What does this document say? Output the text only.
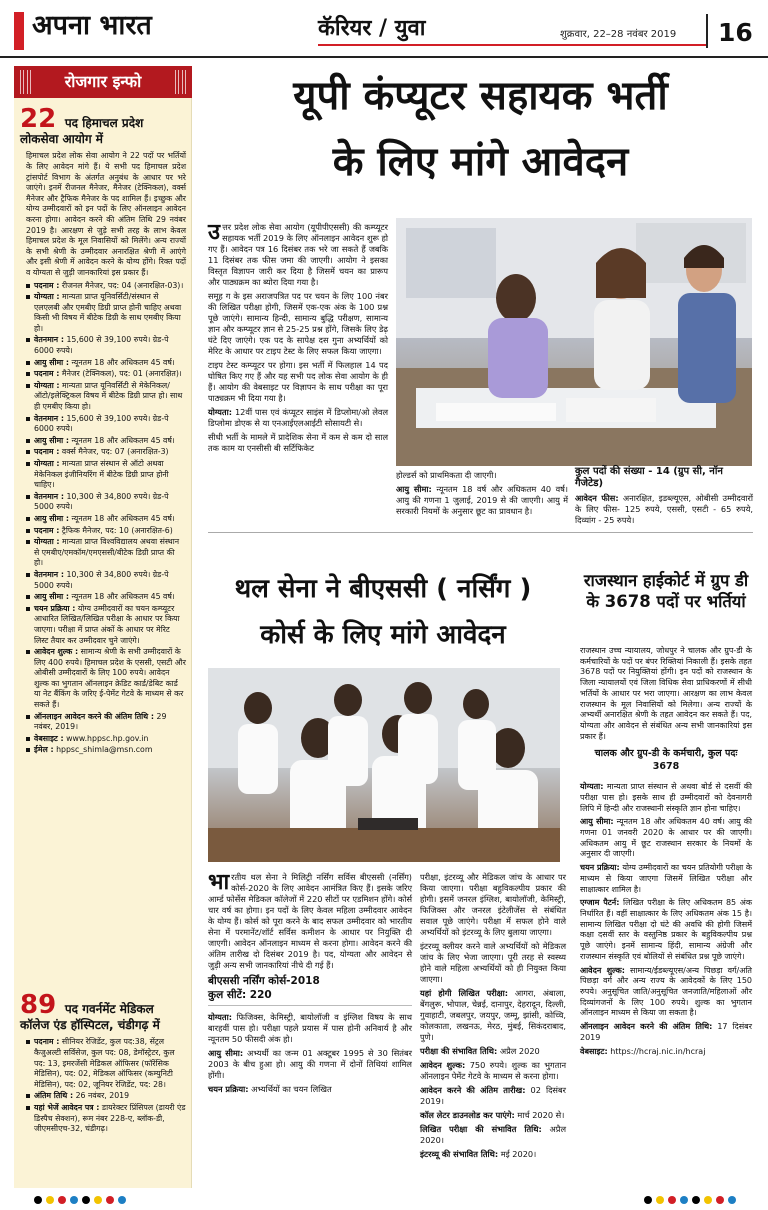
अपना भारत	कॅरियर / युवा	शुक्रवार, 22–28 नवंबर 2019 16
रोजगार इन्फो
22 पद हिमाचल प्रदेश
लोकसेवा आयोग में

हिमाचल प्रदेश लोक सेवा आयोग ने 22 पदों पर भर्तियों के लिए आवेदन मांगे हैं। ये सभी पद हिमाचल प्रदेश ट्रांसपोर्ट विभाग के अंतर्गत अनुबंध के आधार पर भरे जाएंगे। इनमें रीजनल मैनेजर, मैनेजर (टेक्निकल), वर्क्स मैनेजर और ट्रैफिक मैनेजर के पद शामिल हैं। इच्छुक और योग्य उम्मीदवारों को इन पदों के लिए ऑनलाइन आवेदन करना होगा। आवेदन करने की अंतिम तिथि 29 नवंबर 2019 है। आरक्षण से जुड़े सभी तरह के लाभ केवल हिमाचल प्रदेश के मूल निवासियों को मिलेंगे। अन्य राज्यों के सभी श्रेणी के उम्मीदवार अनारक्षित श्रेणी में आएंगे और इसी श्रेणी में आवेदन करने के योग्य होंगे। रिक्त पदों व योग्यता से जुड़ी जानकारियां इस प्रकार हैं।

पदनाम : रीजनल मैनेजर, पद: 04 (अनारक्षित-03)।
योग्यता : मान्यता प्राप्त यूनिवर्सिटी/संस्थान से एलएलबी और एमबीए डिग्री प्राप्त होनी चाहिए अथवा किसी भी विषय में बीटेक डिग्री के साथ एमबीए किया हो।
वेतनमान : 15,600 से 39,100 रुपये। ग्रेड-पे 6000 रुपये।
आयु सीमा : न्यूनतम 18 और अधिकतम 45 वर्ष।
पदनाम : मैनेजर (टेक्निकल), पद: 01 (अनारक्षित)।
योग्यता : मान्यता प्राप्त यूनिवर्सिटी से मेकेनिकल/ऑटो/इलेक्ट्रिकल विषय में बीटेक डिग्री प्राप्त हो। साथ ही एमबीए किया हो।
वेतनमान : 15,600 से 39,100 रुपये। ग्रेड-पे 6000 रुपये।
आयु सीमा : न्यूनतम 18 और अधिकतम 45 वर्ष।
पदनाम : वर्क्स मैनेजर, पद: 07 (अनारक्षित-3)
योग्यता : मान्यता प्राप्त संस्थान से ऑटो अथवा मेकेनिकल इंजीनियरिंग में बीटेक डिग्री प्राप्त होनी चाहिए।
वेतनमान : 10,300 से 34,800 रुपये। ग्रेड-पे 5000 रुपये।
आयु सीमा : न्यूनतम 18 और अधिकतम 45 वर्ष।
पदनाम : ट्रैफिक मैनेजर, पद: 10 (अनारक्षित-6)
योग्यता : मान्यता प्राप्त विश्वविद्यालय अथवा संस्थान से एमबीए/एमकॉम/एमएससी/बीटेक डिग्री प्राप्त की हो।
वेतनमान : 10,300 से 34,800 रुपये। ग्रेड-पे 5000 रुपये।
आयु सीमा : न्यूनतम 18 और अधिकतम 45 वर्ष।
चयन प्रक्रिया : योग्य उम्मीदवारों का चयन कम्प्यूटर आधारित लिखित/लिखित परीक्षा के आधार पर किया जाएगा। परीक्षा में प्राप्त अंकों के आधार पर मेरिट लिस्ट तैयार कर उम्मीदवार चुने जाएंगे।
आवेदन शुल्क : सामान्य श्रेणी के सभी उम्मीदवारों के लिए 400 रुपये। हिमाचल प्रदेश के एससी, एसटी और ओबीसी उम्मीदवारों के लिए 100 रुपये। आवेदन शुल्क का भुगतान ऑनलाइन क्रेडिट कार्ड/डेबिट कार्ड या नेट बैंकिंग के जरिए ई-पेमेंट गेटवे के माध्यम से कर सकते हैं।
ऑनलाइन आवेदन करने की अंतिम तिथि : 29 नवंबर, 2019।
वेबसाइट : www.hppsc.hp.gov.in
ईमेल : hppsc_shimla@msn.com
89 पद गवर्नमेंट मेडिकल
कॉलेज एंड हॉस्पिटल, चंडीगढ़ में
पदनाम : सीनियर रेजिडेंट, कुल पद:38, सेंट्रल कैजुअल्टी सर्विसेज, कुल पद: 08, डेमॉस्ट्रेटर, कुल पद: 13, इमरजेंसी मेडिकल ऑफिसर (फॉरेंसिक मेडिसिन), पद: 02, मेडिकल ऑफिसर (कम्युनिटी मेडिसिन), पद: 02, जूनियर रेजिडेंट, पद: 28।
अंतिम तिथि : 26 नवंबर, 2019
यहां भेजें आवेदन पत्र : डायरेक्टर प्रिंसिपल (डायरी एंड डिस्पैच सेक्शन), रूम नंबर 228-ए, ब्लॉक-डी, जीएमसीएच-32, चंडीगढ़।
यूपी कंप्यूटर सहायक भर्ती
के लिए मांगे आवेदन

उत्तर प्रदेश लोक सेवा आयोग (यूपीपीएससी) की कम्प्यूटर सहायक भर्ती 2019 के लिए ऑनलाइन आवेदन शुरू हो गए हैं। आवेदन पत्र 16 दिसंबर तक भरे जा सकते हैं जबकि 11 दिसंबर तक फीस जमा की जाएगी। आयोग ने इसका विस्तृत विज्ञापन जारी कर दिया है जिसमें चयन का प्रारूप और पाठ्यक्रम का ब्योरा दिया गया है।

समूह ग के इस अराजपत्रित पद पर चयन के लिए 100 नंबर की लिखित परीक्षा होगी, जिसमें एक-एक अंक के 100 प्रश्न पूछे जाएंगे। सामान्य हिन्दी, सामान्य बुद्धि परीक्षण, सामान्य ज्ञान और कम्प्यूटर ज्ञान से 25-25 प्रश्न होंगे, जिसके लिए डेढ़ घंटे दिए जाएंगे। एक पद के सापेक्ष दस गुना अभ्यर्थियों को मेरिट के आधार पर टाइप टेस्ट के लिए सफल किया जाएगा।

टाइप टेस्ट कम्प्यूटर पर होगा। इस भर्ती में फिलहाल 14 पद घोषित किए गए हैं और यह सभी पद लोक सेवा आयोग के ही हैं। आयोग की वेबसाइट पर विज्ञापन के साथ परीक्षा का पूरा पाठ्यक्रम भी दिया गया है।

योग्यता: 12वीं पास एवं कंप्यूटर साइंस में डिप्लोमा/ओ लेवल डिप्लोमा डोएक से या एनआईएलआईटी सोसायटी से।

सीधी भर्ती के मामले में प्रादेशिक सेना में कम से कम दो साल तक काम या एनसीसी बी सर्टिफिकेट

होल्डर्स को प्राथमिकता दी जाएगी।

आयु सीमा: न्यूनतम 18 वर्ष और अधिकतम 40 वर्ष। आयु की गणना 1 जुलाई, 2019 से की जाएगी। आयु में सरकारी नियमों के अनुसार छूट का प्रावधान है।

कुल पदों की संख्या - 14 (ग्रुप सी, नॉन गैजेटेड)

आवेदन फीस: अनारक्षित, इडब्ल्यूएस, ओबीसी उम्मीदवारों के लिए फीस- 125 रुपये, एससी, एसटी - 65 रुपये, दिव्यांग - 25 रुपये।

थल सेना ने बीएससी ( नर्सिंग )
कोर्स के लिए मांगे आवेदन

भारतीय थल सेना ने मिलिट्री नर्सिंग सर्विस बीएससी (नर्सिंग) कोर्स-2020 के लिए आवेदन आमंत्रित किए हैं। इसके जरिए आर्म्ड फोर्सेस मेडिकल कॉलेजों में 220 सीटों पर एडमिशन होंगे। कोर्स चार वर्ष का होगा। इन पदों के लिए केवल महिला उम्मीदवार आवेदन के योग्य हैं। कोर्स को पूरा करने के बाद सफल उम्मीदवार को भारतीय सेना में परमानेंट/शॉर्ट सर्विस कमीशन के आधार पर नियुक्ति दी जाएगी। आवेदन ऑनलाइन माध्यम से करना होगा। आवेदन करने की अंतिम तारीख दो दिसंबर 2019 है। पद, योग्यता और आवेदन से जुड़ी अन्य सभी जानकारियां नीचे दी गई हैं।

बीएससी नर्सिंग कोर्स-2018
कुल सीटें: 220

योग्यता: फिजिक्स, केमिस्ट्री, बायोलॉजी व इंग्लिश विषय के साथ बारहवीं पास हो। परीक्षा पहले प्रयास में पास होनी अनिवार्य है और न्यूनतम 50 फीसदी अंक हो।

आयु सीमा: अभ्यर्थी का जन्म 01 अक्टूबर 1995 से 30 सितंबर 2003 के बीच हुआ हो। आयु की गणना में दोनों तिथियां शामिल होंगी।

चयन प्रक्रिया: अभ्यर्थियों का चयन लिखित

परीक्षा, इंटरव्यू और मेडिकल जांच के आधार पर किया जाएगा। परीक्षा बहुविकल्पीय प्रकार की होगी। इसमें जनरल इंग्लिश, बायोलॉजी, केमिस्ट्री, फिजिक्स और जनरल इंटेलीजेंस से संबंधित सवाल पूछे जाएंगे। परीक्षा में सफल होने वाले अभ्यर्थियों को इंटरव्यू के लिए बुलाया जाएगा।

इंटरव्यू क्लीयर करने वाले अभ्यर्थियों को मेडिकल जांच के लिए भेजा जाएगा। पूरी तरह से स्वस्थ्य होने वाले महिला अभ्यर्थियों को ही नियुक्त किया जाएगा।

यहां होगी लिखित परीक्षा: आगरा, अंबाला, बेंगलुरू, भोपाल, चेन्नई, दानापुर, देहरादून, दिल्ली, गुवाहाटी, जबलपुर, जयपुर, जम्मू, झांसी, कोच्चि, कोलकाता, लखनऊ, मेरठ, मुंबई, सिकंदराबाद, पुणे।

परीक्षा की संभावित तिथि: अप्रैल 2020

आवेदन शुल्क: 750 रुपये। शुल्क का भुगतान ऑनलाइन पेमेंट गेटवे के माध्यम से करना होगा।

आवेदन करने की अंतिम तारीख: 02 दिसंबर 2019।

कॉल लेटर डाउनलोड कर पाएंगे: मार्च 2020 से।

लिखित परीक्षा की संभावित तिथि: अप्रैल 2020।

इंटरव्यू की संभावित तिथि: मई 2020।

राजस्थान हाईकोर्ट में ग्रुप डी के 3678 पदों पर भर्तियां

राजस्थान उच्च न्यायालय, जोधपुर ने चालक और ग्रुप-डी के कर्मचारियों के पदों पर बंपर रिक्तियां निकाली हैं। इसके तहत 3678 पदों पर नियुक्तियां होंगी। इन पदों को राजस्थान के जिला न्यायालयों एवं जिला विधिक सेवा प्राधिकरणों में सीधी भर्तियों के आधार पर भरा जाएगा। आरक्षण का लाभ केवल राजस्थान के मूल निवासियों को मिलेगा। अन्य राज्यों के अभ्यर्थी अनारक्षित श्रेणी के तहत आवेदन कर सकते हैं। पद, योग्यता और आवेदन से संबंधित अन्य सभी जानकारियां इस प्रकार हैं।

चालक और ग्रुप-डी के कर्मचारी, कुल पदः 3678

योग्यता: मान्यता प्राप्त संस्थान से अथवा बोर्ड से दसवीं की परीक्षा पास हो। इसके साथ ही उम्मीदवारों को देवनागरी लिपि में हिन्दी और राजस्थानी संस्कृति ज्ञान होना चाहिए।

आयु सीमा: न्यूनतम 18 और अधिकतम 40 वर्ष। आयु की गणना 01 जनवरी 2020 के आधार पर की जाएगी। अधिकतम आयु में छूट राजस्थान सरकार के नियमों के अनुसार दी जाएगी।

चयन प्रक्रिया: योग्य उम्मीदवारों का चयन प्रतियोगी परीक्षा के माध्यम से किया जाएगा जिसमें लिखित परीक्षा और साक्षात्कार शामिल है।

एग्जाम पैटर्न: लिखित परीक्षा के लिए अधिकतम 85 अंक निर्धारित हैं। वहीं साक्षात्कार के लिए अधिकतम अंक 15 है। सामान्य लिखित परीक्षा दो घंटे की अवधि की होगी जिसमें कक्षा दसवीं स्तर के वस्तुनिष्ठ प्रकार के बहुविकल्पीय प्रश्न पूछे जाएंगे। इनमें सामान्य हिंदी, सामान्य अंग्रेजी और राजस्थान संस्कृति एवं बोलियों से संबंधित प्रश्न पूछे जाएंगे।

आवेदन शुल्क: सामान्य/ईडब्ल्यूएस/अन्य पिछड़ा वर्ग/अति पिछड़ा वर्ग और अन्य राज्य के आवेदकों के लिए 150 रुपये। अनुसूचित जाति/अनुसूचित जनजाति/महिलाओं और दिव्यांगजनों के लिए 100 रुपये। शुल्क का भुगतान ऑनलाइन माध्यम से किया जा सकता है।

ऑनलाइन आवेदन करने की अंतिम तिथि: 17 दिसंबर 2019

वेबसाइट: https://hcraj.nic.in/hcraj
